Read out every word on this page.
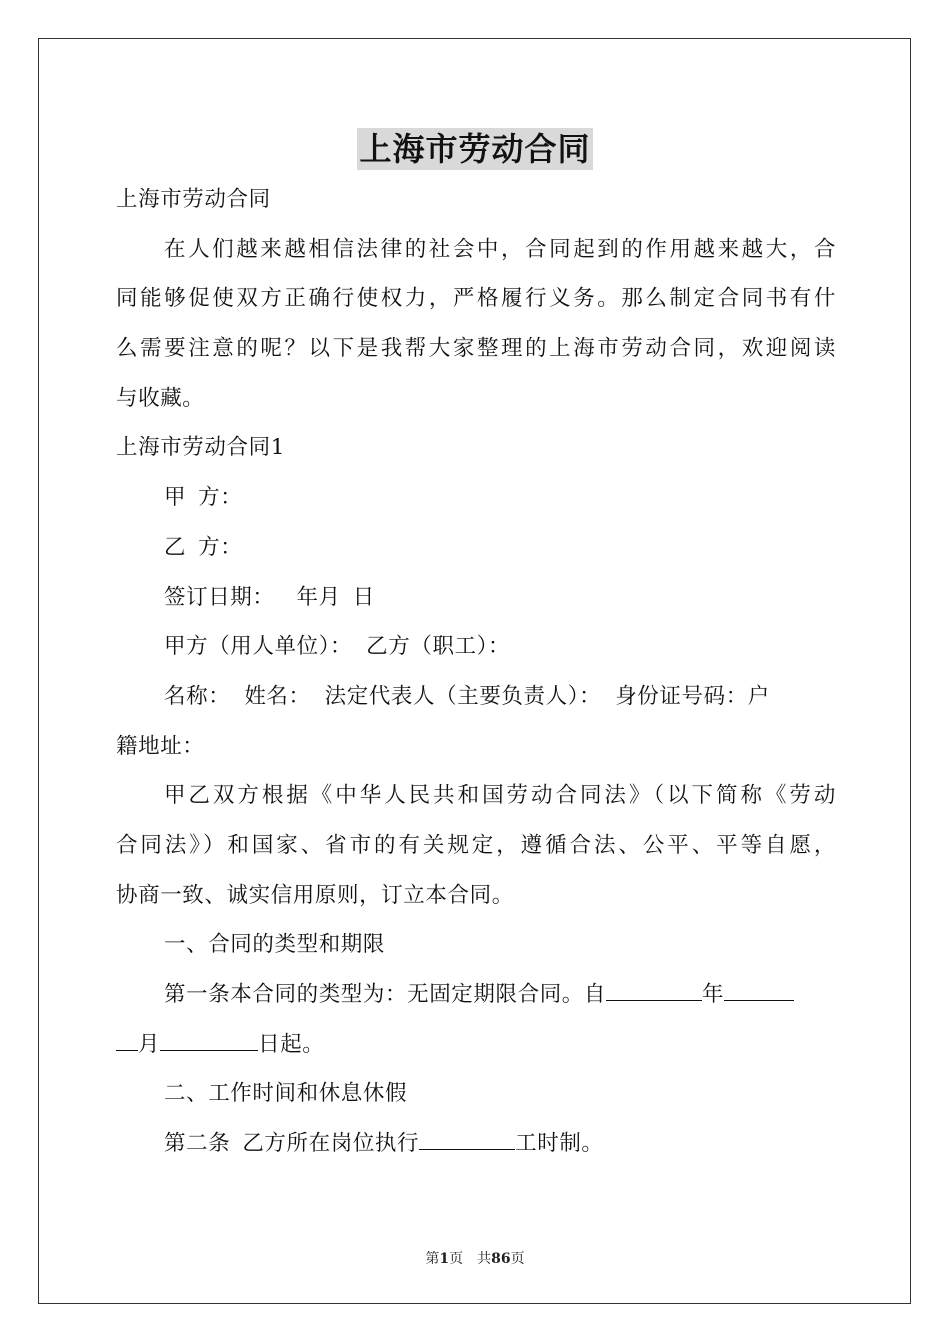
上海市劳动合同
上海市劳动合同
在人们越来越相信法律的社会中，合同起到的作用越来越大，合
同能够促使双方正确行使权力，严格履行义务。那么制定合同书有什
么需要注意的呢？以下是我帮大家整理的上海市劳动合同，欢迎阅读
与收藏。
上海市劳动合同1
甲 方：
乙 方：
签订日期： 年月 日
甲方（用人单位）： 乙方（职工）：
名称： 姓名： 法定代表人（主要负责人）： 身份证号码：户
籍地址：
甲乙双方根据《中华人民共和国劳动合同法》（以下简称《劳动
合同法》）和国家、省市的有关规定，遵循合法、公平、平等自愿，
协商一致、诚实信用原则，订立本合同。
一、合同的类型和期限
第一条本合同的类型为：无固定期限合同。自	年
月	日起。
二、工作时间和休息休假
第二条 乙方所在岗位执行	工时制。
第1页 共86页
